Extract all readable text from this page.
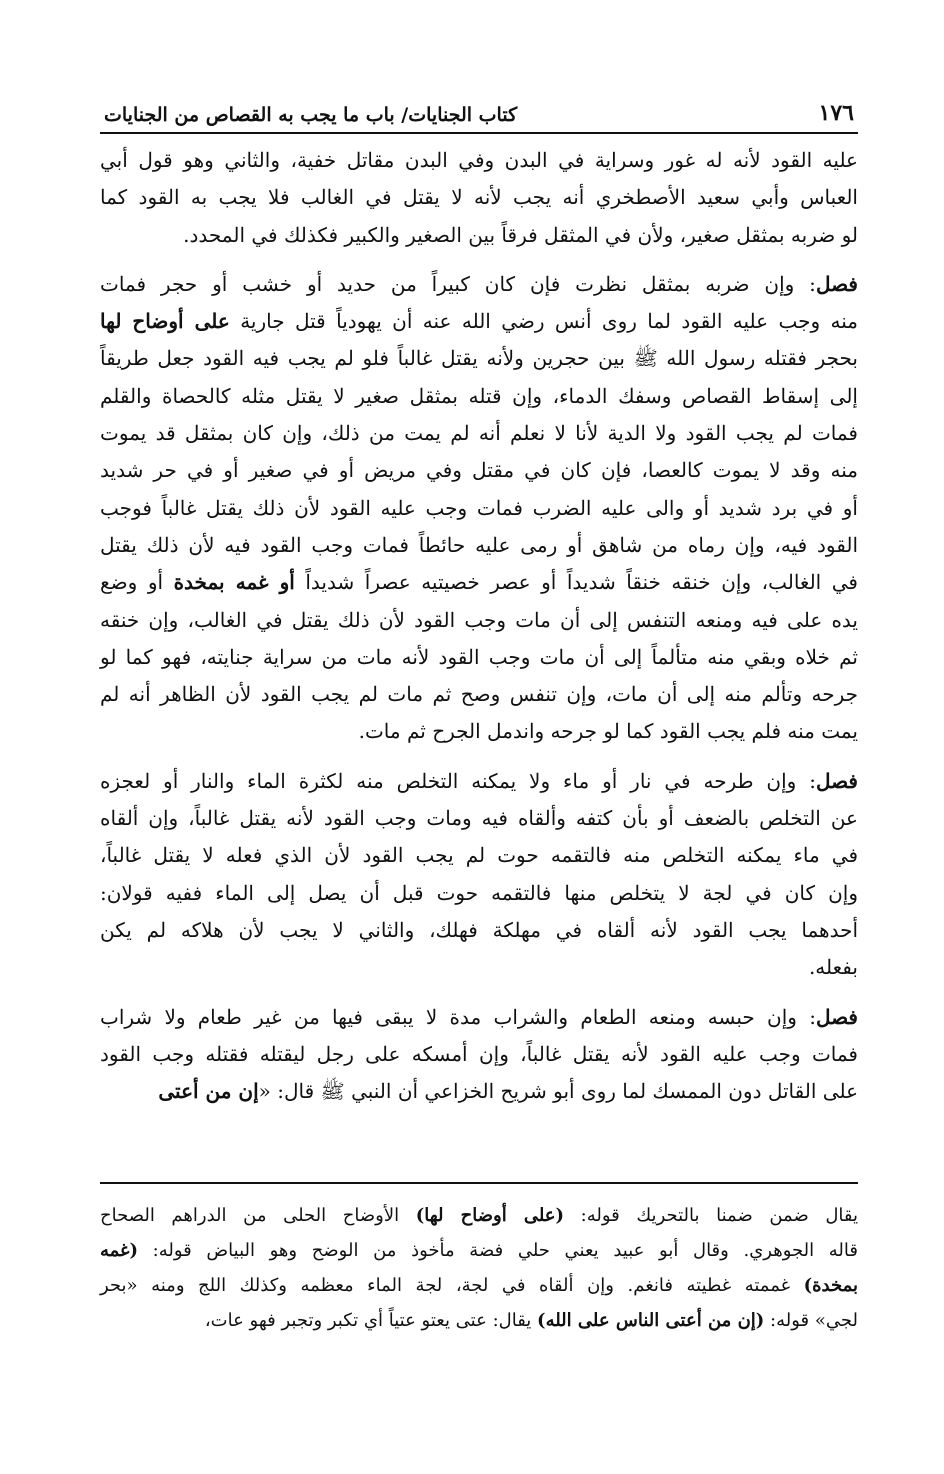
١٧٦
كتاب الجنايات/ باب ما يجب به القصاص من الجنايات
عليه القود لأنه له غور وسراية في البدن وفي البدن مقاتل خفية، والثاني وهو قول أبي
العباس وأبي سعيد الأصطخري أنه يجب لأنه لا يقتل في الغالب فلا يجب به القود كما
لو ضربه بمثقل صغير، ولأن في المثقل فرقاً بين الصغير والكبير فكذلك في المحدد.
فصل: وإن ضربه بمثقل نظرت فإن كان كبيراً من حديد أو خشب أو حجر فمات
منه وجب عليه القود لما روى أنس رضي الله عنه أن يهودياً قتل جارية على أوضاح لها
بحجر فقتله رسول الله ﷺ بين حجرين ولأنه يقتل غالباً فلو لم يجب فيه القود جعل طريقاً
إلى إسقاط القصاص وسفك الدماء، وإن قتله بمثقل صغير لا يقتل مثله كالحصاة والقلم
فمات لم يجب القود ولا الدية لأنا لا نعلم أنه لم يمت من ذلك، وإن كان بمثقل قد يموت
منه وقد لا يموت كالعصا، فإن كان في مقتل وفي مريض أو في صغير أو في حر شديد
أو في برد شديد أو والى عليه الضرب فمات وجب عليه القود لأن ذلك يقتل غالباً فوجب
القود فيه، وإن رماه من شاهق أو رمى عليه حائطاً فمات وجب القود فيه لأن ذلك يقتل
في الغالب، وإن خنقه خنقاً شديداً أو عصر خصيتيه عصراً شديداً أو غمه بمخدة أو وضع
يده على فيه ومنعه التنفس إلى أن مات وجب القود لأن ذلك يقتل في الغالب، وإن خنقه
ثم خلاه وبقي منه متألماً إلى أن مات وجب القود لأنه مات من سراية جنايته، فهو كما لو
جرحه وتألم منه إلى أن مات، وإن تنفس وصح ثم مات لم يجب القود لأن الظاهر أنه لم
يمت منه فلم يجب القود كما لو جرحه واندمل الجرح ثم مات.
فصل: وإن طرحه في نار أو ماء ولا يمكنه التخلص منه لكثرة الماء والنار أو لعجزه
عن التخلص بالضعف أو بأن كتفه وألقاه فيه ومات وجب القود لأنه يقتل غالباً، وإن ألقاه
في ماء يمكنه التخلص منه فالتقمه حوت لم يجب القود لأن الذي فعله لا يقتل غالباً،
وإن كان في لجة لا يتخلص منها فالتقمه حوت قبل أن يصل إلى الماء ففيه قولان:
أحدهما يجب القود لأنه ألقاه في مهلكة فهلك، والثاني لا يجب لأن هلاكه لم يكن
بفعله.
فصل: وإن حبسه ومنعه الطعام والشراب مدة لا يبقى فيها من غير طعام ولا شراب
فمات وجب عليه القود لأنه يقتل غالباً، وإن أمسكه على رجل ليقتله فقتله وجب القود
على القاتل دون الممسك لما روى أبو شريح الخزاعي أن النبي ﷺ قال: «إن من أعتى
يقال ضمن ضمنا بالتحريك قوله: (على أوضاح لها) الأوضاح الحلى من الدراهم الصحاح
قاله الجوهري. وقال أبو عبيد يعني حلي فضة مأخوذ من الوضح وهو البياض قوله: (غمه
بمخدة) غممته غطيته فانغم. وإن ألقاه في لجة، لجة الماء معظمه وكذلك اللج ومنه «بحر
لجي» قوله: (إن من أعتى الناس على الله) يقال: عتى يعتو عتياً أي تكبر وتجبر فهو عات،
